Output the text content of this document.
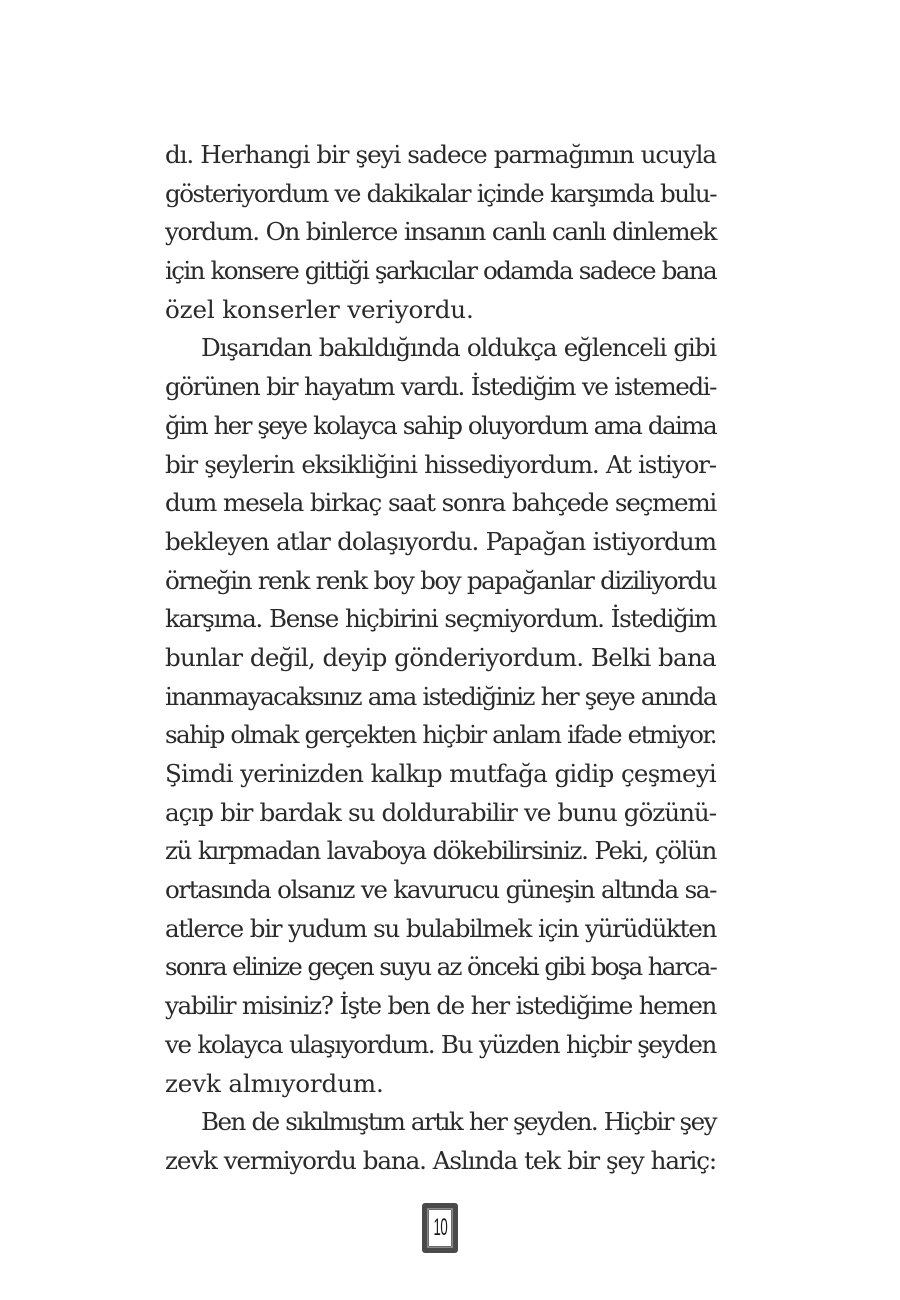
dı. Herhangi bir şeyi sadece parmağımın ucuyla
gösteriyordum ve dakikalar içinde karşımda bulu-
yordum. On binlerce insanın canlı canlı dinlemek
için konsere gittiği şarkıcılar odamda sadece bana
özel konserler veriyordu.
Dışarıdan bakıldığında oldukça eğlenceli gibi
görünen bir hayatım vardı. İstediğim ve istemedi-
ğim her şeye kolayca sahip oluyordum ama daima
bir şeylerin eksikliğini hissediyordum. At istiyor-
dum mesela birkaç saat sonra bahçede seçmemi
bekleyen atlar dolaşıyordu. Papağan istiyordum
örneğin renk renk boy boy papağanlar diziliyordu
karşıma. Bense hiçbirini seçmiyordum. İstediğim
bunlar değil, deyip gönderiyordum. Belki bana
inanmayacaksınız ama istediğiniz her şeye anında
sahip olmak gerçekten hiçbir anlam ifade etmiyor.
Şimdi yerinizden kalkıp mutfağa gidip çeşmeyi
açıp bir bardak su doldurabilir ve bunu gözünü-
zü kırpmadan lavaboya dökebilirsiniz. Peki, çölün
ortasında olsanız ve kavurucu güneşin altında sa-
atlerce bir yudum su bulabilmek için yürüdükten
sonra elinize geçen suyu az önceki gibi boşa harca-
yabilir misiniz? İşte ben de her istediğime hemen
ve kolayca ulaşıyordum. Bu yüzden hiçbir şeyden
zevk almıyordum.
Ben de sıkılmıştım artık her şeyden. Hiçbir şey
zevk vermiyordu bana. Aslında tek bir şey hariç:
10
